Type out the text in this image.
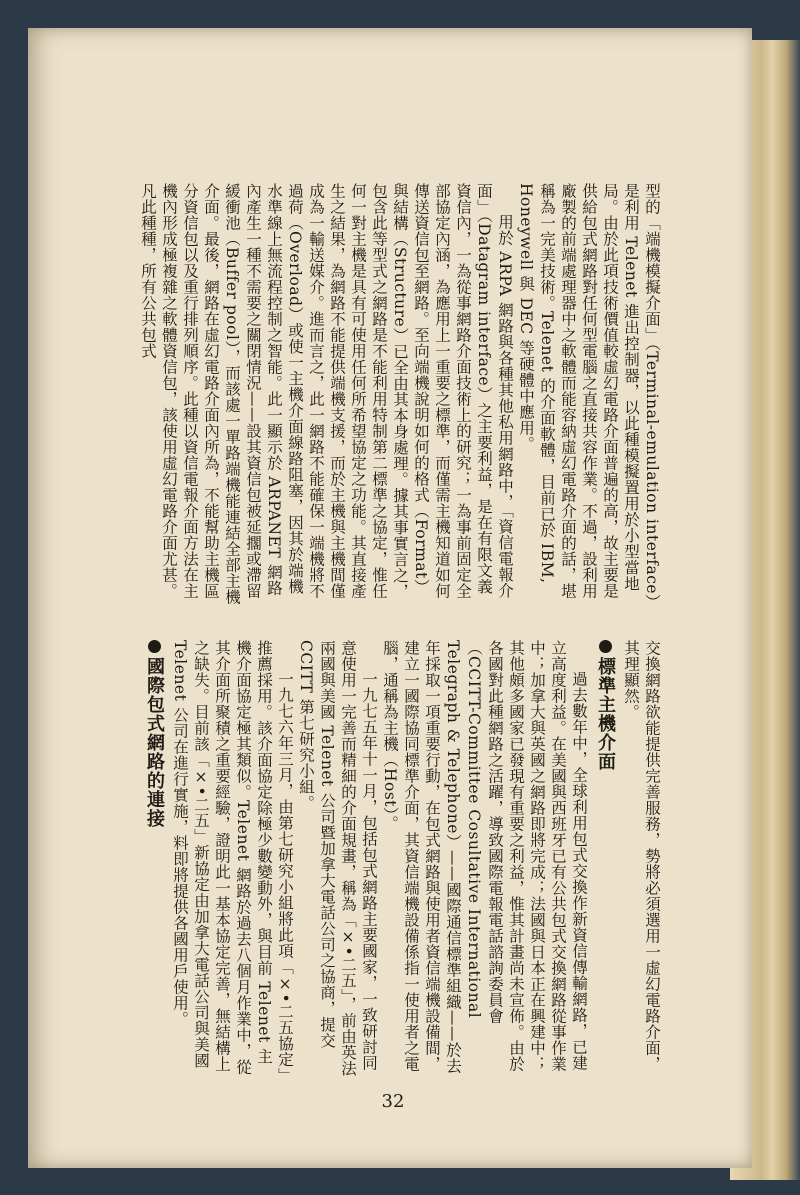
型的「端機模擬介面」（Terminal-emulation interface）是利用 Telenet 進出控制器，以此種模擬置用於小型當地局。由於此項技術價值較虛幻電路介面普遍的高，故主要是供給包式網路對任何型電腦之直接共容作業。不過，設利用廠製的前端處理器中之軟體而能容納虛幻電路介面的話，堪稱為一完美技術。Telenet 的介面軟體，目前已於 IBM, Honeywell 與 DEC 等硬體中應用。

用於 ARPA 網路與各種其他私用網路中，「資信電報介面」（Datagram interface）之主要利益，是在有限文義資信內，一為從事網路介面技術上的研究；一為事前固定全部協定內涵，為應用上一重要之標準，而僅需主機知道如何傳送資信包至網路。至向端機說明如何的格式（Format）與結構（Structure）已全由其本身處理。據其事實言之，包含此等型式之網路是不能利用特制第二標準之協定，惟任何一對主機是具有可使用任何所希望協定之功能。其直接產生之結果，為網路不能提供端機支援，而於主機與主機間僅成為一輸送媒介。進而言之，此一網路不能確保一端機將不過荷（Overload）或使一主機介面線路阻塞，因其於端機水準線上無流程控制之智能。此一顯示於 ARPANET 網路內產生一種不需要之關閉情況——設其資信包被延擱或滯留緩衝池（Buffer pool），而該處一單路端機能連結全部主機介面。最後，網路在虛幻電路介面內所為，不能幫助主機區分資信包以及重行排列順序。此種以資信電報介面方法在主機內形成極複雜之軟體資信包，該使用虛幻電路介面尤甚。凡此種種，所有公共包式

交換網路欲能提供完善服務，勢將必須選用一虛幻電路介面，其理顯然。

標準主機介面

過去數年中，全球利用包式交換作新資信傳輸網路，已建立高度利益。在美國與西班牙已有公共包式交換網路從事作業中；加拿大與英國之網路即將完成；法國與日本正在興建中；其他頗多國家已發現有重要之利益，惟其計畫尚未宣佈。由於各國對此種網路之活躍，導致國際電報電話諮詢委員會（CCITT-Committee Cosultative International Telegraph & Telephone）——國際通信標準組織——於去年採取一項重要行動，在包式網路與使用者資信端機設備間，建立一國際協同標準介面，其資信端機設備係指一使用者之電腦，通稱為主機（Host）。

一九七五年十一月，包括包式網路主要國家，一致研討同意使用一完善而精細的介面規畫，稱為「×•二五」，前由英法兩國與美國 Telenet 公司暨加拿大電話公司之協商，提交 CCITT 第七研究小組。

一九七六年三月，由第七研究小組將此項「×•二五協定」推薦採用。該介面協定除極少數變動外，與目前 Telenet 主機介面協定極其類似。Telenet 網路於過去八個月作業中，從其介面所聚積之重要經驗，證明此一基本協定完善，無結構上之缺失。目前該「×•二五」新協定由加拿大電話公司與美國 Telenet 公司在進行實施，料即將提供各國用戶使用。

國際包式網路的連接
32
